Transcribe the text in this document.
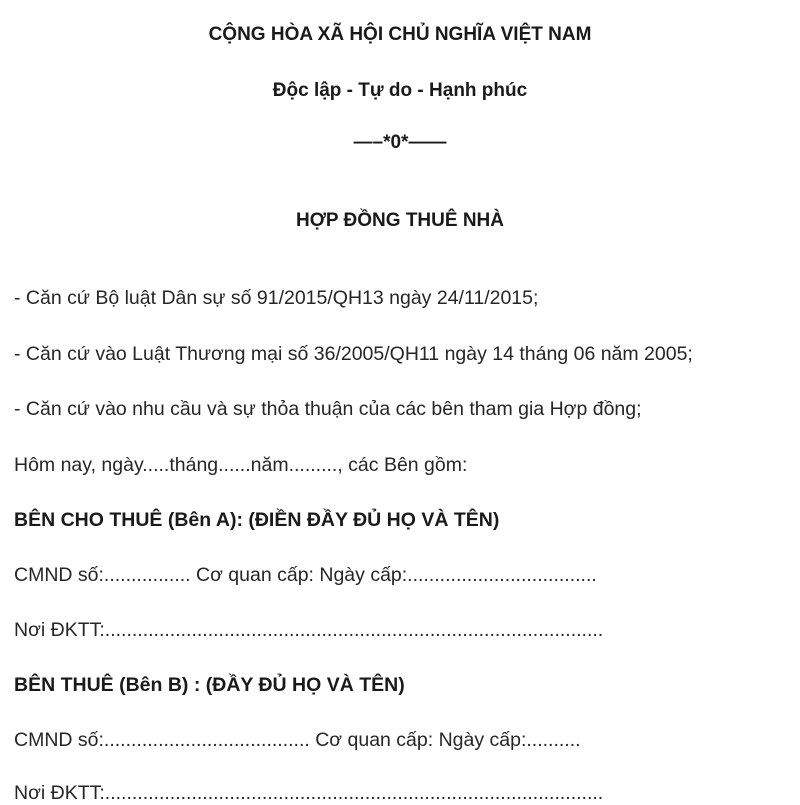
CỘNG HÒA XÃ HỘI CHỦ NGHĨA VIỆT NAM
Độc lập - Tự do - Hạnh phúc
—–*0*——
HỢP ĐỒNG THUÊ NHÀ
- Căn cứ Bộ luật Dân sự số 91/2015/QH13 ngày 24/11/2015;
- Căn cứ vào Luật Thương mại số 36/2005/QH11 ngày 14 tháng 06 năm 2005;
- Căn cứ vào nhu cầu và sự thỏa thuận của các bên tham gia Hợp đồng;
Hôm nay, ngày.....tháng......năm........., các Bên gồm:
BÊN CHO THUÊ (Bên A): (ĐIỀN ĐẦY ĐỦ HỌ VÀ TÊN)
CMND số:................ Cơ quan cấp: Ngày cấp:...................................
Nơi ĐKTT:............................................................................................
BÊN THUÊ (Bên B) : (ĐẦY ĐỦ HỌ VÀ TÊN)
CMND số:...................................... Cơ quan cấp: Ngày cấp:..........
Nơi ĐKTT:............................................................................................
